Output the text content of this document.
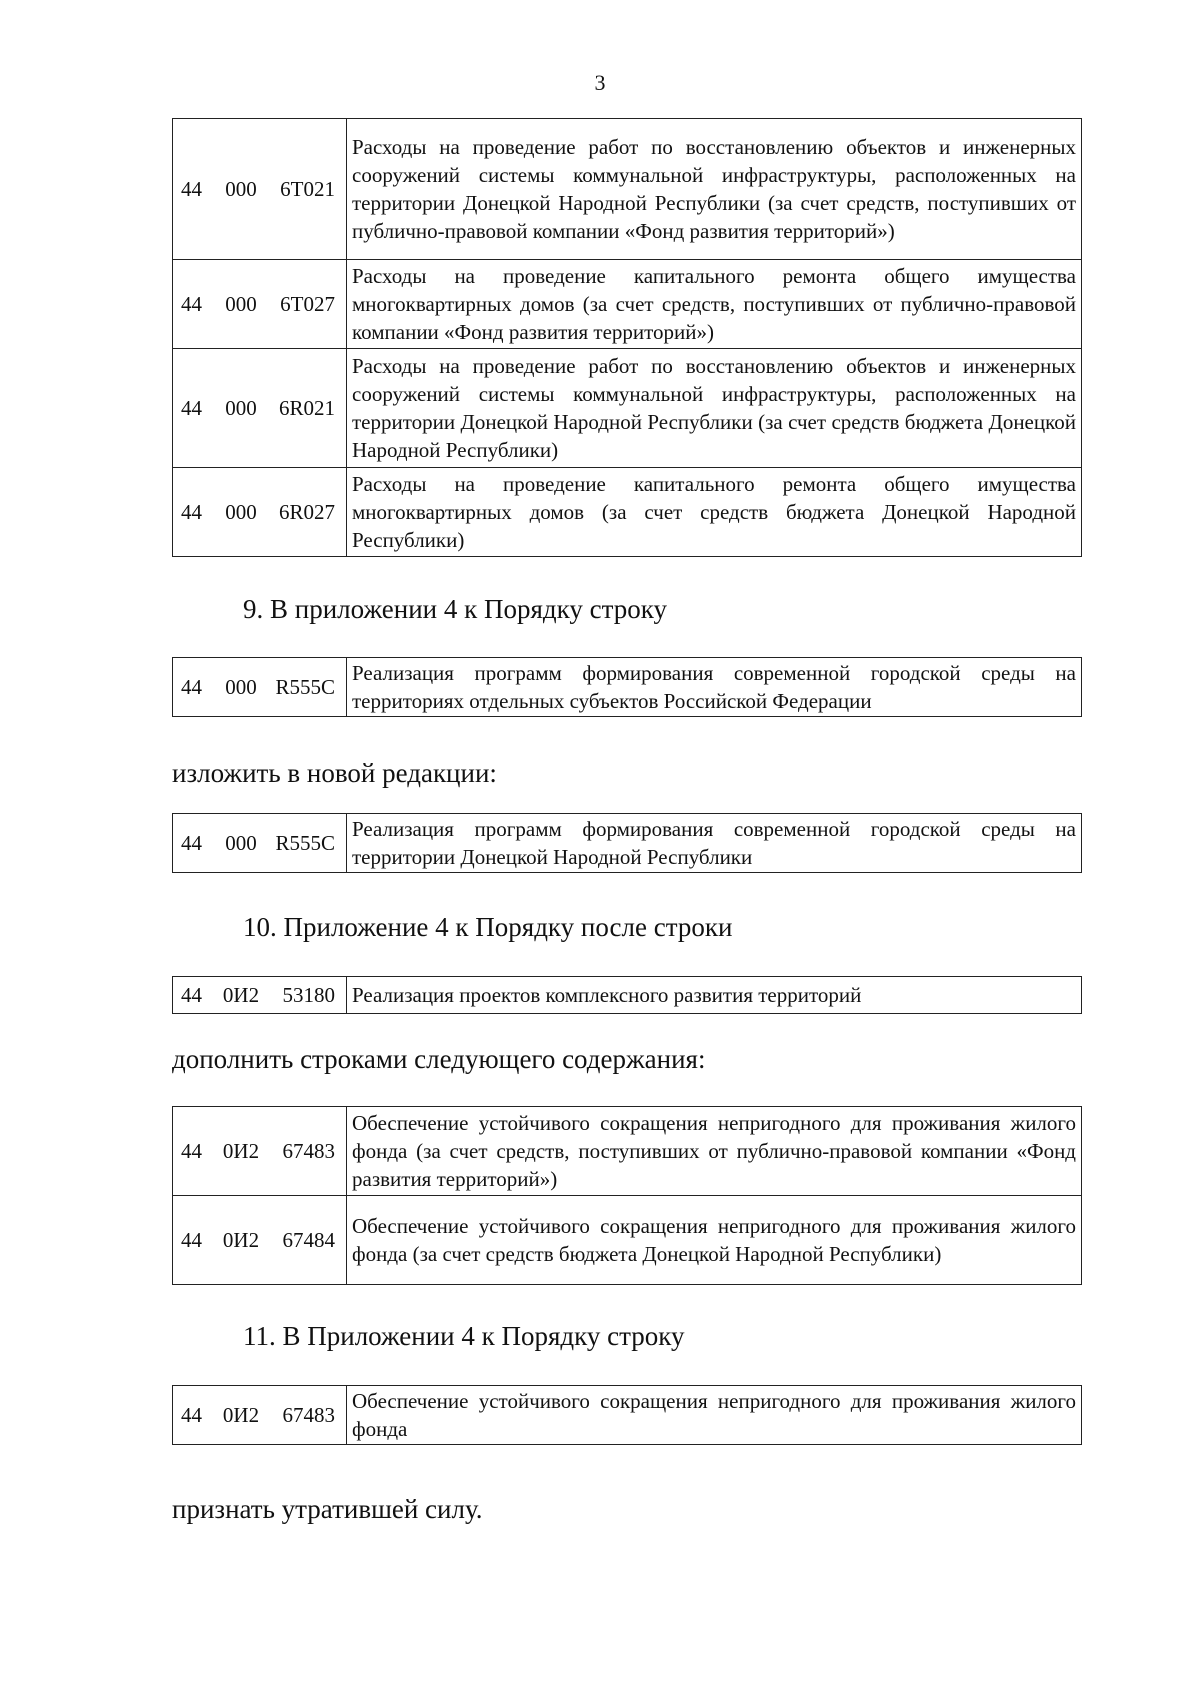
3
44 000 6T021	Расходы на проведение работ по восстановлению объектов и инженерных сооружений системы коммунальной инфраструктуры, расположенных на территории Донецкой Народной Республики (за счет средств, поступивших от публично-правовой компании «Фонд развития территорий»)
44 000 6T027	Расходы на проведение капитального ремонта общего имущества многоквартирных домов (за счет средств, поступивших от публично-правовой компании «Фонд развития территорий»)
44 000 6R021	Расходы на проведение работ по восстановлению объектов и инженерных сооружений системы коммунальной инфраструктуры, расположенных на территории Донецкой Народной Республики (за счет средств бюджета Донецкой Народной Республики)
44 000 6R027	Расходы на проведение капитального ремонта общего имущества многоквартирных домов (за счет средств бюджета Донецкой Народной Республики)
9. В приложении 4 к Порядку строку
44 000 R555C	Реализация программ формирования современной городской среды на территориях отдельных субъектов Российской Федерации
изложить в новой редакции:
44 000 R555C	Реализация программ формирования современной городской среды на территории Донецкой Народной Республики
10. Приложение 4 к Порядку после строки
44 0И2 53180	Реализация проектов комплексного развития территорий
дополнить строками следующего содержания:
44 0И2 67483	Обеспечение устойчивого сокращения непригодного для проживания жилого фонда (за счет средств, поступивших от публично-правовой компании «Фонд развития территорий»)
44 0И2 67484	Обеспечение устойчивого сокращения непригодного для проживания жилого фонда (за счет средств бюджета Донецкой Народной Республики)
11. В Приложении 4 к Порядку строку
44 0И2 67483	Обеспечение устойчивого сокращения непригодного для проживания жилого фонда
признать утратившей силу.
